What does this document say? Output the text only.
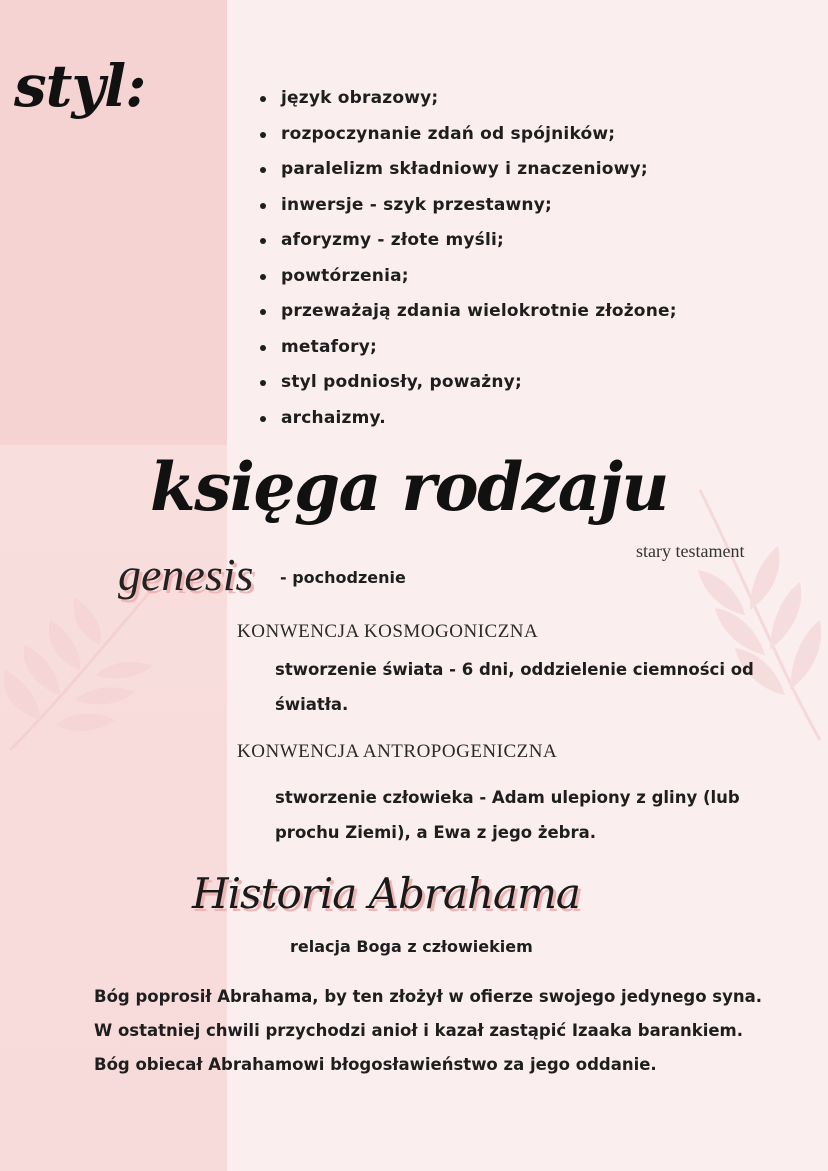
styl:	język obrazowy;
rozpoczynanie zdań od spójników;
paralelizm składniowy i znaczeniowy;
inwersje - szyk przestawny;
aforyzmy - złote myśli;
powtórzenia;
przeważają zdania wielokrotnie złożone;
metafory;
styl podniosły, poważny;
archaizmy.
księga rodzaju
stary testament
genesis - pochodzenie
KONWENCJA KOSMOGONICZNA
stworzenie świata - 6 dni, oddzielenie ciemności od światła.
KONWENCJA ANTROPOGENICZNA
stworzenie człowieka - Adam ulepiony z gliny (lub prochu Ziemi), a Ewa z jego żebra.
Historia Abrahama
relacja Boga z człowiekiem
Bóg poprosił Abrahama, by ten złożył w ofierze swojego jedynego syna. W ostatniej chwili przychodzi anioł i kazał zastąpić Izaaka barankiem. Bóg obiecał Abrahamowi błogosławieństwo za jego oddanie.
